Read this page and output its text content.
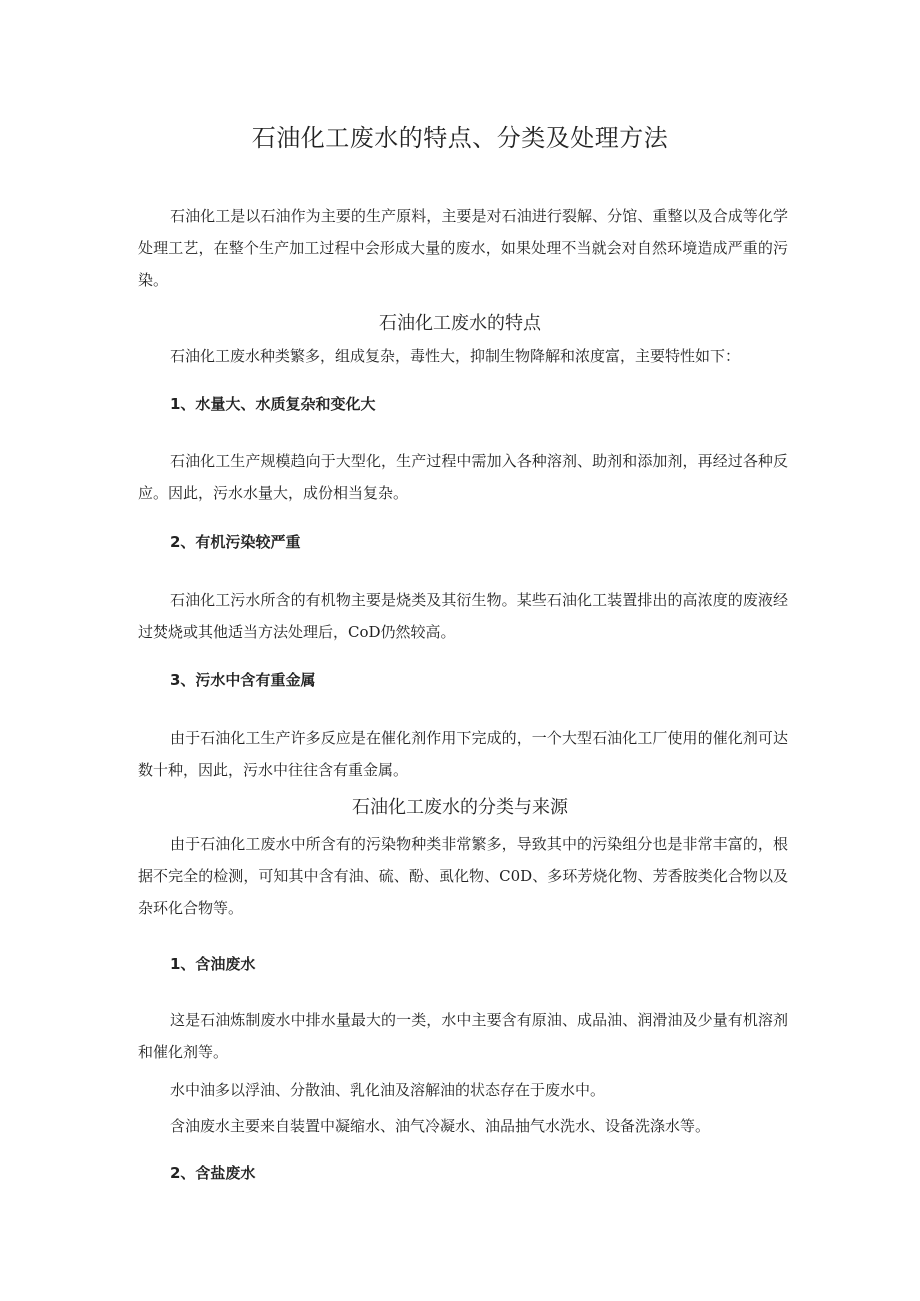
石油化工废水的特点、分类及处理方法

石油化工是以石油作为主要的生产原料，主要是对石油进行裂解、分馆、重整以及合成等化学处理工艺，在整个生产加工过程中会形成大量的废水，如果处理不当就会对自然环境造成严重的污染。

石油化工废水的特点

石油化工废水种类繁多，组成复杂，毒性大，抑制生物降解和浓度富，主要特性如下：

1、水量大、水质复杂和变化大

石油化工生产规模趋向于大型化，生产过程中需加入各种溶剂、助剂和添加剂，再经过各种反应。因此，污水水量大，成份相当复杂。

2、有机污染较严重

石油化工污水所含的有机物主要是烧类及其衍生物。某些石油化工装置排出的高浓度的废液经过焚烧或其他适当方法处理后，CoD仍然较高。

3、污水中含有重金属

由于石油化工生产许多反应是在催化剂作用下完成的，一个大型石油化工厂使用的催化剂可达数十种，因此，污水中往往含有重金属。

石油化工废水的分类与来源

由于石油化工废水中所含有的污染物种类非常繁多，导致其中的污染组分也是非常丰富的，根据不完全的检测，可知其中含有油、硫、酚、虱化物、C0D、多环芳烧化物、芳香胺类化合物以及杂环化合物等。

1、含油废水

这是石油炼制废水中排水量最大的一类，水中主要含有原油、成品油、润滑油及少量有机溶剂和催化剂等。

水中油多以浮油、分散油、乳化油及溶解油的状态存在于废水中。

含油废水主要来自装置中凝缩水、油气冷凝水、油品抽气水洗水、设备洗涤水等。

2、含盐废水
